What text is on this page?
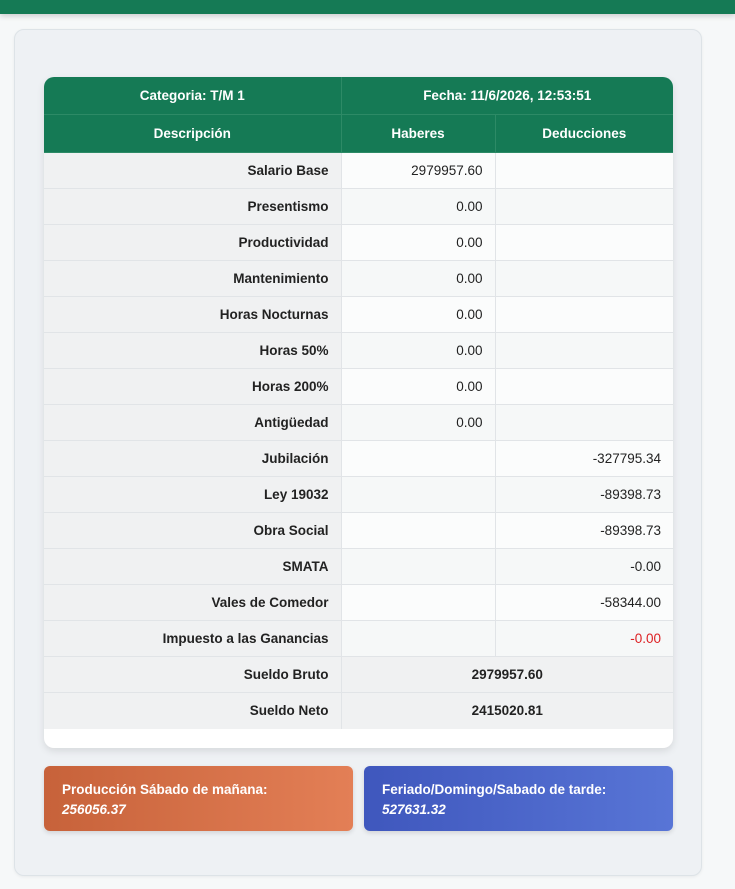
Categoria: T/M 1	Fecha: 11/6/2026, 12:53:51	
Descripción	Haberes	Deducciones
Salario Base	2979957.60	
Presentismo	0.00	
Productividad	0.00	
Mantenimiento	0.00	
Horas Nocturnas	0.00	
Horas 50%	0.00	
Horas 200%	0.00	
Antigüedad	0.00	
Jubilación		-327795.34
Ley 19032		-89398.73
Obra Social		-89398.73
SMATA		-0.00
Vales de Comedor		-58344.00
Impuesto a las Ganancias		-0.00
Sueldo Bruto	2979957.60	
Sueldo Neto	2415020.81	
Producción Sábado de mañana:
256056.37
Feriado/Domingo/Sabado de tarde:
527631.32
